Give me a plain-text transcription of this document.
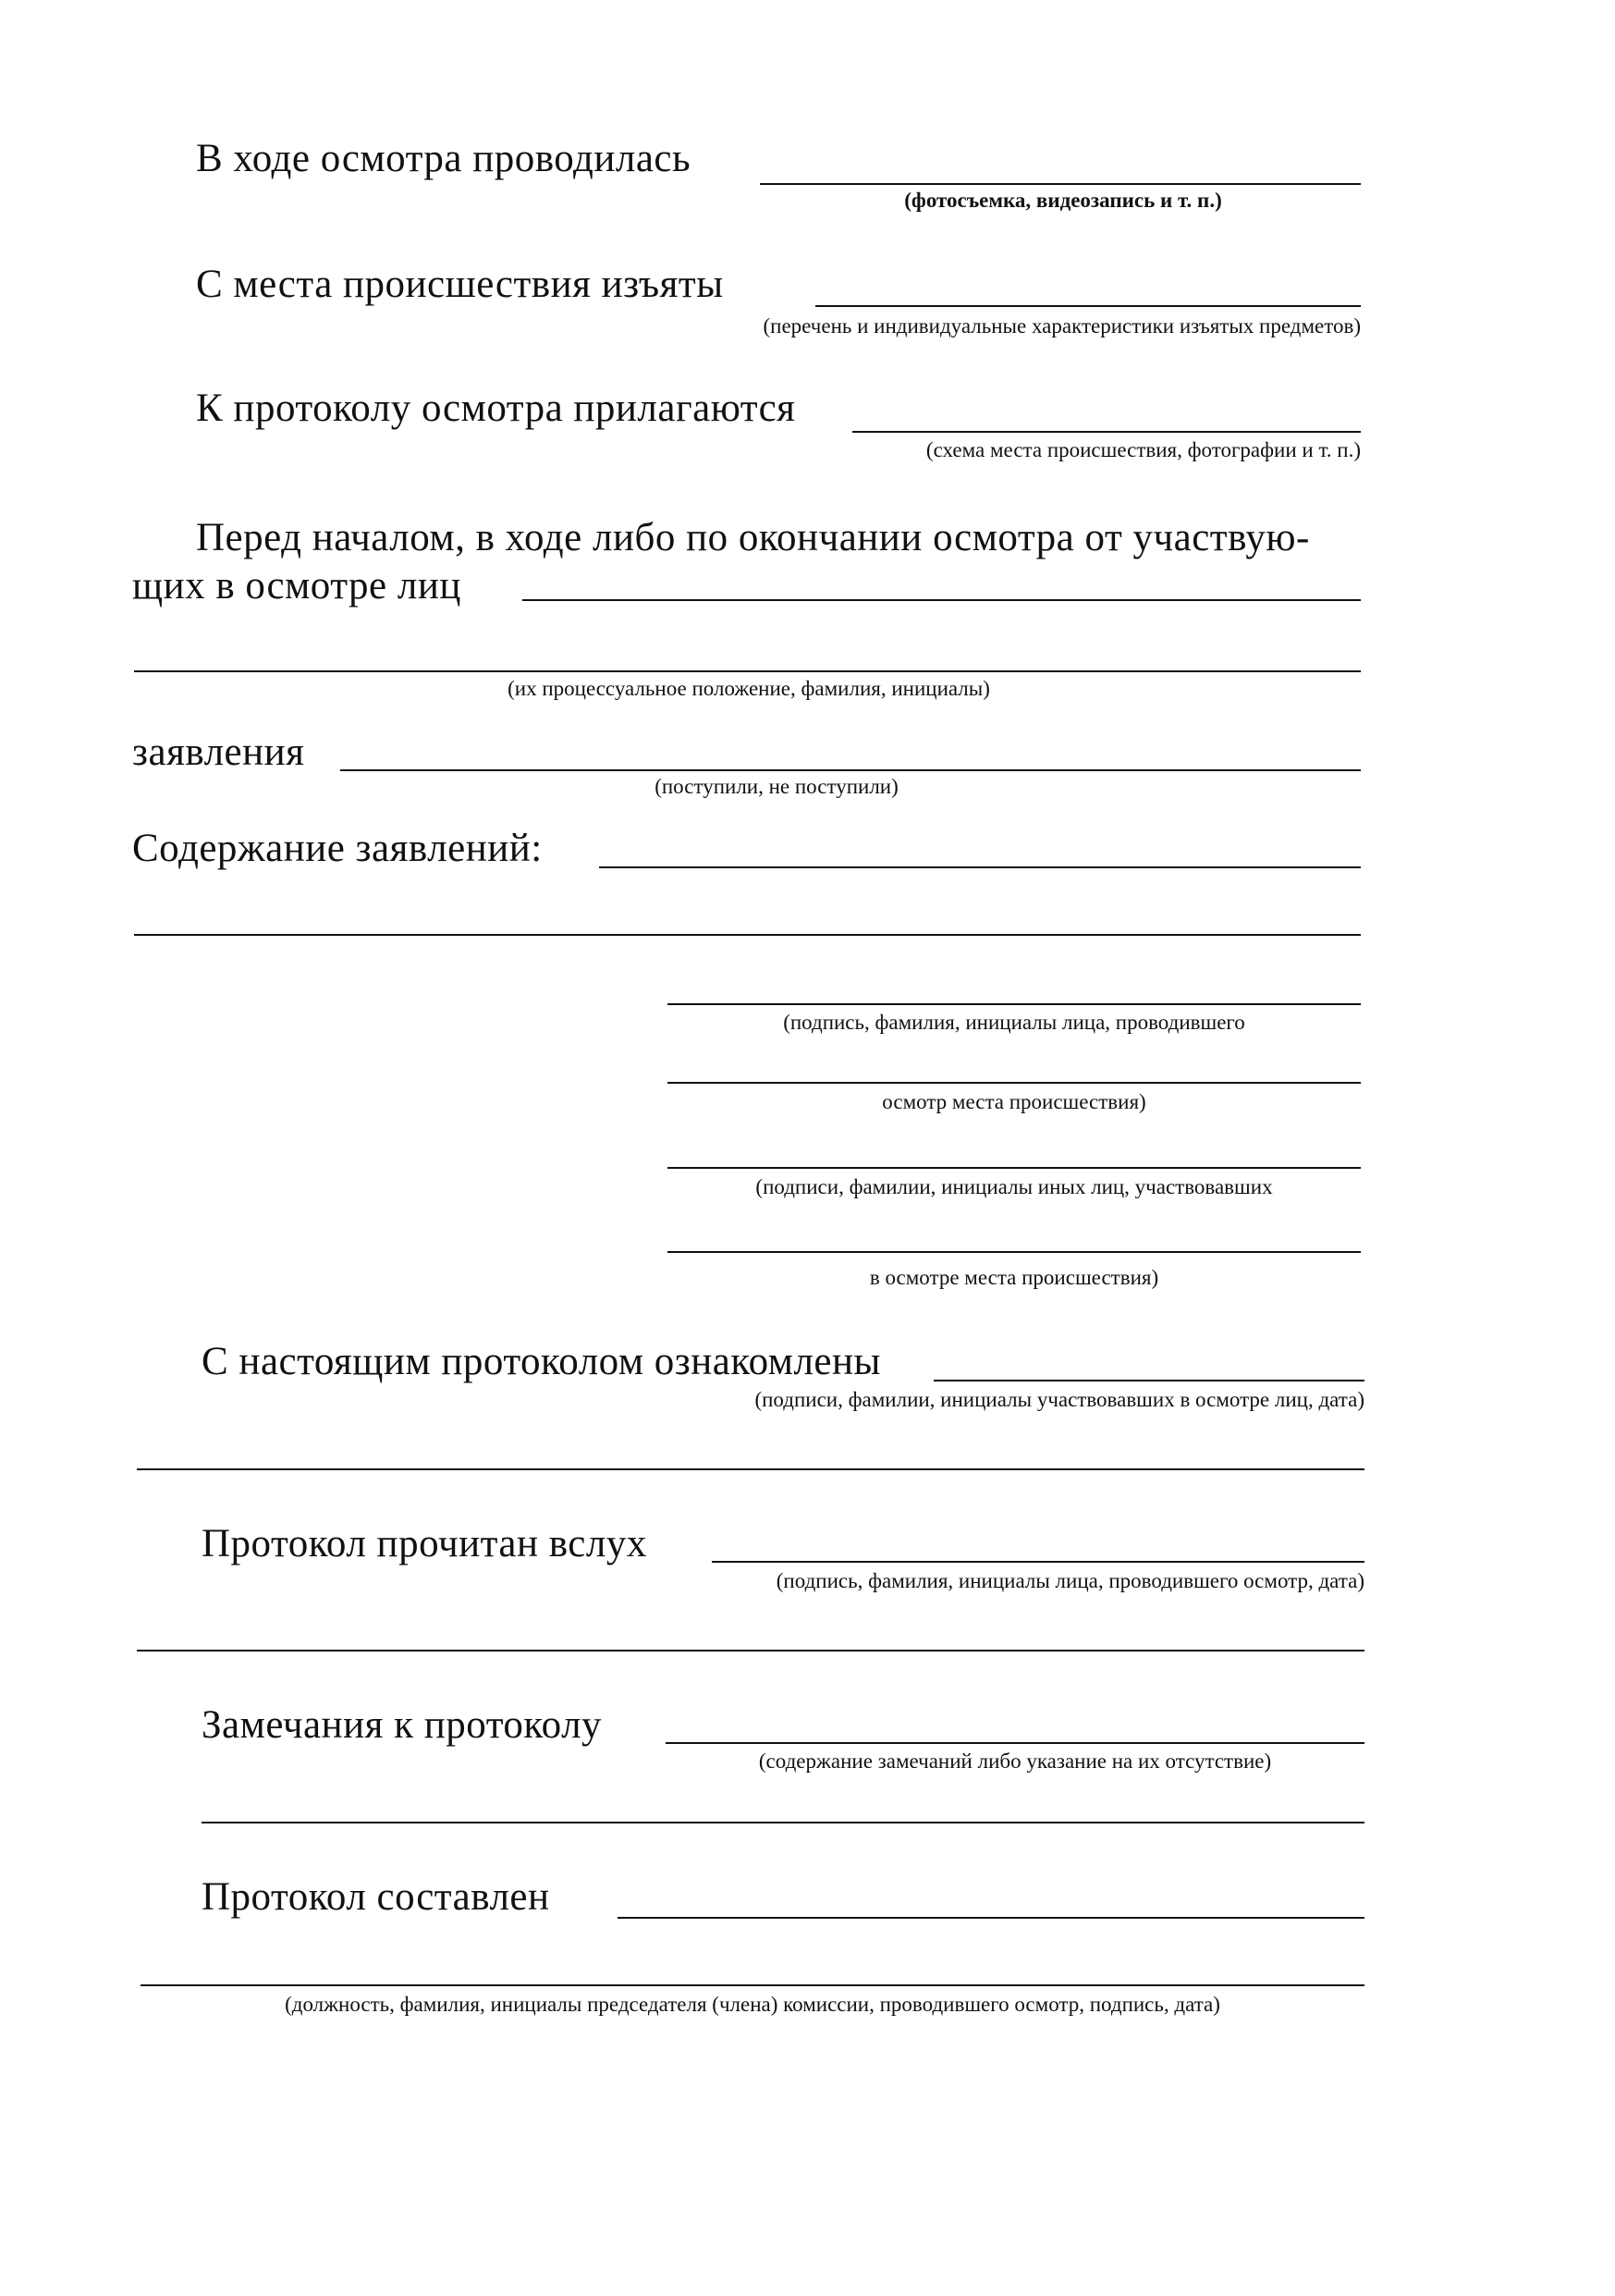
В ходе осмотра проводилась
(фотосъемка, видеозапись и т. п.)
С места происшествия изъяты
(перечень и индивидуальные характеристики изъятых предметов)
К протоколу осмотра прилагаются
(схема места происшествия, фотографии и т. п.)
Перед началом, в ходе либо по окончании осмотра от участвую-
щих в осмотре лиц
(их процессуальное положение, фамилия, инициалы)
заявления
(поступили, не поступили)
Содержание заявлений:
(подпись, фамилия, инициалы лица, проводившего
осмотр места происшествия)
(подписи, фамилии, инициалы иных лиц, участвовавших
в осмотре места происшествия)
С настоящим протоколом ознакомлены
(подписи, фамилии, инициалы участвовавших в осмотре лиц, дата)
Протокол прочитан вслух
(подпись, фамилия, инициалы лица, проводившего осмотр, дата)
Замечания к протоколу
(содержание замечаний либо указание на их отсутствие)
Протокол составлен
(должность, фамилия, инициалы председателя (члена) комиссии, проводившего осмотр, подпись, дата)
